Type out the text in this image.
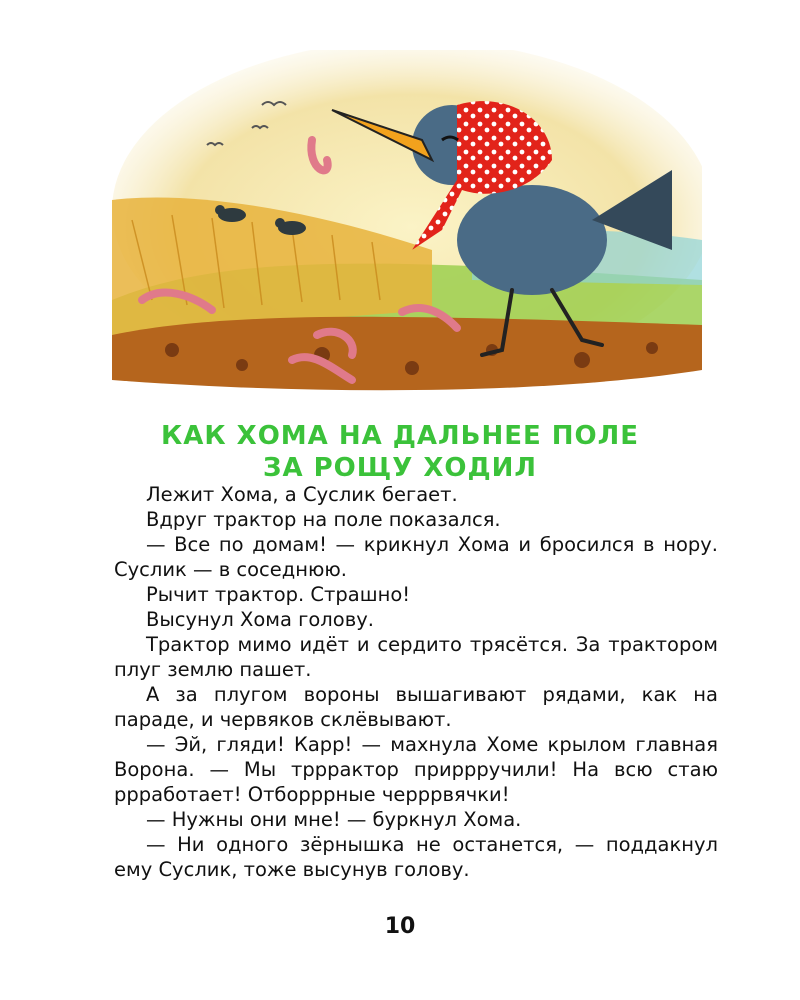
КАК ХОМА НА ДАЛЬНЕЕ ПОЛЕ
ЗА РОЩУ ХОДИЛ

Лежит Хома, а Суслик бегает.

Вдруг трактор на поле показался.

— Все по домам! — крикнул Хома и бросился в нору. Суслик — в соседнюю.

Рычит трактор. Страшно!

Высунул Хома голову.

Трактор мимо идёт и сердито трясётся. За трактором плуг землю пашет.

А за плугом вороны вышагивают рядами, как на параде, и червяков склёвывают.

— Эй, гляди! Карр! — махнула Хоме крылом главная Ворона. — Мы трррактор приррручили! На всю стаю ррработает! Отборррные черррвячки!

— Нужны они мне! — буркнул Хома.

— Ни одного зёрнышка не останется, — поддакнул ему Суслик, тоже высунув голову.

10
